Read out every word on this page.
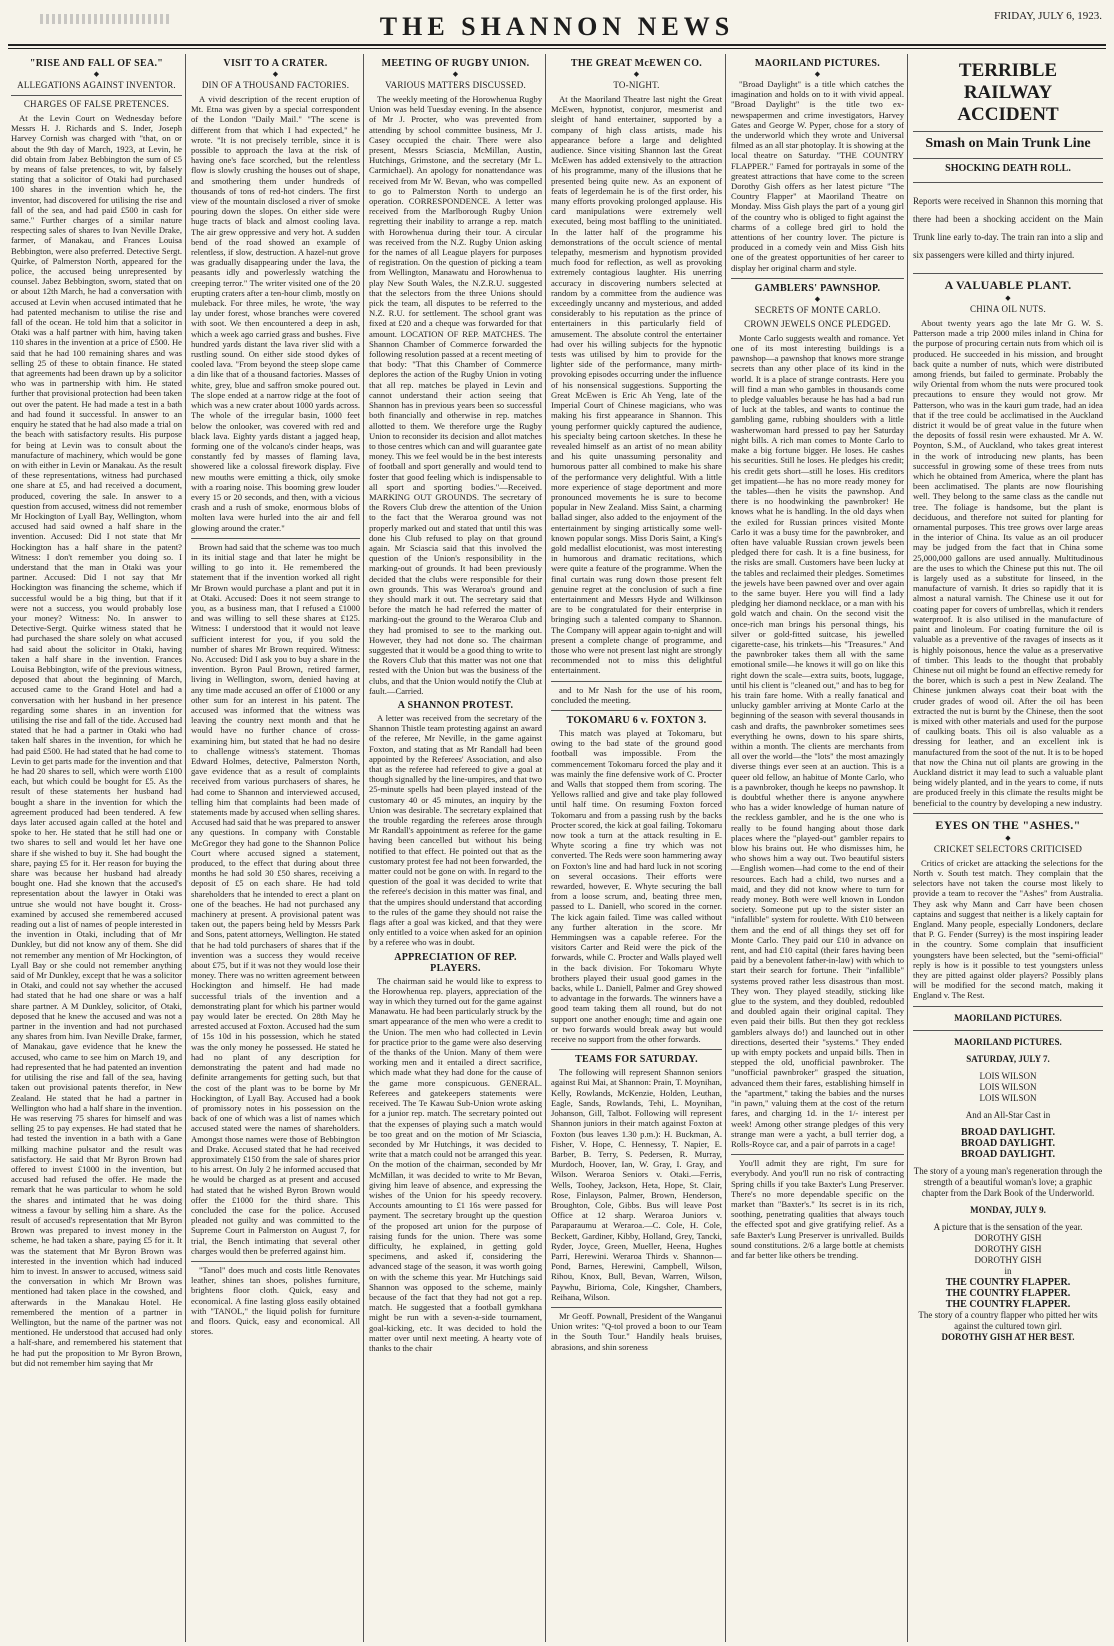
THE SHANNON NEWS	FRIDAY, JULY 6, 1923.
"RISE AND FALL OF SEA."
◆
ALLEGATIONS AGAINST INVENTOR.
CHARGES OF FALSE PRETENCES.

At the Levin Court on Wednesday before Messrs H. J. Richards and S. Inder, Joseph Harvey Cornish was charged with "that, on or about the 9th day of March, 1923, at Levin, he did obtain from Jabez Bebbington the sum of £5 by means of false pretences, to wit, by falsely stating that a solicitor of Otaki had purchased 100 shares in the invention which he, the inventor, had discovered for utilising the rise and fall of the sea, and had paid £500 in cash for same." Further charges of a similar nature respecting sales of shares to Ivan Neville Drake, farmer, of Manakau, and Frances Louisa Bebbington, were also preferred. Detective Sergt. Quirke, of Palmerston North, appeared for the police, the accused being unrepresented by counsel. Jabez Bebbington, sworn, stated that on or about 12th March, he had a conversation with accused at Levin when accused intimated that he had patented mechanism to utilise the rise and fall of the ocean. He told him that a solicitor in Otaki was a half partner with him, having taken 110 shares in the invention at a price of £500. He said that he had 100 remaining shares and was selling 25 of these to obtain finance. He stated that agreements had been drawn up by a solicitor who was in partnership with him. He stated further that provisional protection had been taken out over the patent. He had made a test in a bath and had found it successful. In answer to an enquiry he stated that he had also made a trial on the beach with satisfactory results. His purpose for being at Levin was to consult about the manufacture of machinery, which would be gone on with either in Levin or Manakau. As the result of these representations, witness had purchased one share at £5, and had received a document, produced, covering the sale. In answer to a question from accused, witness did not remember Mr Hockington of Lyall Bay, Wellington, whom accused had said owned a half share in the invention. Accused: Did I not state that Mr Hockington has a half share in the patent? Witness: I don't remember you doing so. I understand that the man in Otaki was your partner. Accused: Did I not say that Mr Hockington was financing the scheme, which if successful would be a big thing, but that if it were not a success, you would probably lose your money? Witness: No. In answer to Detective-Sergt. Quirke witness stated that he had purchased the share solely on what accused had said about the solicitor in Otaki, having taken a half share in the invention. Frances Louisa Bebbington, wife of the previous witness, deposed that about the beginning of March, accused came to the Grand Hotel and had a conversation with her husband in her presence regarding some shares in an invention for utilising the rise and fall of the tide. Accused had stated that he had a partner in Otaki who had taken half shares in the invention, for which he had paid £500. He had stated that he had come to Levin to get parts made for the invention and that he had 20 shares to sell, which were worth £100 each, but which could be bought for £5. As the result of these statements her husband had bought a share in the invention for which the agreement produced had been tendered. A few days later accused again called at the hotel and spoke to her. He stated that he still had one or two shares to sell and would let her have one share if she wished to buy it. She had bought the share, paying £5 for it. Her reason for buying the share was because her husband had already bought one. Had she known that the accused's representation about the lawyer in Otaki was untrue she would not have bought it. Cross-examined by accused she remembered accused reading out a list of names of people interested in the invention in Otaki, including that of Mr Dunkley, but did not know any of them. She did not remember any mention of Mr Hockington, of Lyall Bay or she could not remember anything said of Mr Dunkley, except that he was a solicitor in Otaki, and could not say whether the accused had stated that he had one share or was a half share partner. A M Dunkley, solicitor, of Otaki, deposed that he knew the accused and was not a partner in the invention and had not purchased any shares from him. Ivan Neville Drake, farmer, of Manakau, gave evidence that he knew the accused, who came to see him on March 19, and had represented that he had patented an invention for utilising the rise and fall of the sea, having taken out provisional patents therefor, in New Zealand. He stated that he had a partner in Wellington who had a half share in the invention. He was reserving 75 shares for himself and was selling 25 to pay expenses. He had stated that he had tested the invention in a bath with a Gane milking machine pulsator and the result was satisfactory. He said that Mr Byron Brown had offered to invest £1000 in the invention, but accused had refused the offer. He made the remark that he was particular to whom he sold the shares and intimated that he was doing witness a favour by selling him a share. As the result of accused's representation that Mr Byron Brown was prepared to invest money in the scheme, he had taken a share, paying £5 for it. It was the statement that Mr Byron Brown was interested in the invention which had induced him to invest. In answer to accused, witness said the conversation in which Mr Brown was mentioned had taken place in the cowshed, and afterwards in the Manakau Hotel. He remembered the mention of a partner in Wellington, but the name of the partner was not mentioned. He understood that accused had only a half-share, and remembered his statement that he had put the proposition to Mr Byron Brown, but did not remember him saying that Mr

VISIT TO A CRATER.
◆
DIN OF A THOUSAND FACTORIES.

A vivid description of the recent eruption of Mt. Etna was given by a special correspondent of the London "Daily Mail." "The scene is different from that which I had expected," he wrote. "It is not precisely terrible, since it is possible to approach the lava at the risk of having one's face scorched, but the relentless flow is slowly crushing the houses out of shape, and smothering them under hundreds of thousands of tons of red-hot cinders. The first view of the mountain disclosed a river of smoke pouring down the slopes. On either side were huge tracts of black and almost cooling lava. The air grew oppressive and very hot. A sudden bend of the road showed an example of relentless, if slow, destruction. A hazel-nut grove was gradually disappearing under the lava, the peasants idly and powerlessly watching the creeping terror." The writer visited one of the 20 erupting craters after a ten-hour climb, mostly on muleback. For three miles, he wrote, 'the way lay under forest, whose branches were covered with soot. We then encountered a deep in ash, which a week ago carried grass and bushes. Five hundred yards distant the lava river slid with a rustling sound. On either side stood dykes of cooled lava. "From beyond the steep slope came a din like that of a thousand factories. Masses of white, grey, blue and saffron smoke poured out. The slope ended at a narrow ridge at the foot of which was a new crater about 1000 yards across. The whole of the irregular basin, 1000 feet below the onlooker, was covered with red and black lava. Eighty yards distant a jagged heap, forming one of the volcano's cinder heaps, was constantly fed by masses of flaming lava, showered like a colossal firework display. Five new mouths were emitting a thick, oily smoke with a roaring noise. This booming grew louder every 15 or 20 seconds, and then, with a vicious crash and a rush of smoke, enormous blobs of molten lava were hurled into the air and fell glowing around the crater."

Brown had said that the scheme was too much in its initial stage and that later he might be willing to go into it. He remembered the statement that if the invention worked all right Mr Brown would purchase a plant and put it in at Otaki. Accused: Does it not seem strange to you, as a business man, that I refused a £1000 and was willing to sell these shares at £125. Witness: I understood that it would not leave sufficient interest for you, if you sold the number of shares Mr Brown required. Witness: No. Accused: Did I ask you to buy a share in the invention. Byron Paul Brown, retired farmer, living in Wellington, sworn, denied having at any time made accused an offer of £1000 or any other sum for an interest in his patent. The accused was informed that the witness was leaving the country next month and that he would have no further chance of cross-examining him, but stated that he had no desire to challenge witness's statement. Thomas Edward Holmes, detective, Palmerston North, gave evidence that as a result of complaints received from various purchasers of shares, he had come to Shannon and interviewed accused, telling him that complaints had been made of statements made by accused when selling shares. Accused had said that he was prepared to answer any questions. In company with Constable McGregor they had gone to the Shannon Police Court where accused signed a statement, produced, to the effect that during about three months he had sold 30 £50 shares, receiving a deposit of £5 on each share. He had told shareholders that he intended to erect a plant on one of the beaches. He had not purchased any machinery at present. A provisional patent was taken out, the papers being held by Messrs Park and Sons, patent attorneys, Wellington. He stated that he had told purchasers of shares that if the invention was a success they would receive about £75, but if it was not they would lose their money. There was no written agreement between Hockington and himself. He had made successful trials of the invention and a demonstrating plant for which his partner would pay would later be erected. On 28th May he arrested accused at Foxton. Accused had the sum of 15s 10d in his possession, which he stated was the only money he possessed. He stated he had no plant of any description for demonstrating the patent and had made no definite arrangements for getting such, but that the cost of the plant was to be borne by Mr Hockington, of Lyall Bay. Accused had a book of promissory notes in his possession on the back of one of which was a list of names which accused stated were the names of shareholders. Amongst those names were those of Bebbington and Drake. Accused stated that he had received approximately £150 from the sale of shares prior to his arrest. On July 2 he informed accused that he would be charged as at present and accused had stated that he wished Byron Brown would offer the £1000 for the third share. This concluded the case for the police. Accused pleaded not guilty and was committed to the Supreme Court in Palmerston on August 7, for trial, the Bench intimating that several other charges would then be preferred against him.

"Tanol" does much and costs little Renovates leather, shines tan shoes, polishes furniture, brightens floor cloth. Quick, easy and economical. A fine lasting gloss easily obtained with "TANOL," the liquid polish for furniture and floors. Quick, easy and economical. All stores.

MEETING OF RUGBY UNION.
◆
VARIOUS MATTERS DISCUSSED.

The weekly meeting of the Horowhenua Rugby Union was held Tuesday evening. In the absence of Mr J. Procter, who was prevented from attending by school committee business, Mr J. Casey occupied the chair. There were also present, Messrs Sciascia, McMillan, Austin, Hutchings, Grimstone, and the secretary (Mr L. Carmichael). An apology for nonattendance was received from Mr W. Bevan, who was compelled to go to Palmerston North to undergo an operation. CORRESPONDENCE. A letter was received from the Marlborough Rugby Union regretting their inability to arrange a rep. match with Horowhenua during their tour. A circular was received from the N.Z. Rugby Union asking for the names of all League players for purposes of registration. On the question of picking a team from Wellington, Manawatu and Horowhenua to play New South Wales, the N.Z.R.U. suggested that the selectors from the three Unions should pick the team, all disputes to be referred to the N.Z. R.U. for settlement. The school grant was fixed at £20 and a cheque was forwarded for that amount. LOCATION OF REP. MATCHES. The Shannon Chamber of Commerce forwarded the following resolution passed at a recent meeting of that body: "That this Chamber of Commerce deplores the action of the Rugby Union in voting that all rep. matches be played in Levin and cannot understand their action seeing that Shannon has in previous years been so successful both financially and otherwise in rep. matches allotted to them. We therefore urge the Rugby Union to reconsider its decision and allot matches to those centres which can and will guarantee gate money. This we feel would be in the best interests of football and sport generally and would tend to foster that good feeling which is indispensable to all sport and sporting bodies."—Received. MARKING OUT GROUNDS. The secretary of the Rovers Club drew the attention of the Union to the fact that the Weraroa ground was not properly marked out and stated that until this was done his Club refused to play on that ground again. Mr Sciascia said that this involved the question of the Union's responsibility in the marking-out of grounds. It had been previously decided that the clubs were responsible for their own grounds. This was Weraroa's ground and they should mark it out. The secretary said that before the match he had referred the matter of marking-out the ground to the Weraroa Club and they had promised to see to the marking out. However, they had not done so. The chairman suggested that it would be a good thing to write to the Rovers Club that this matter was not one that rested with the Union but was the business of the clubs, and that the Union would notify the Club at fault.—Carried.

A SHANNON PROTEST.

A letter was received from the secretary of the Shannon Thistle team protesting against an award of the referee, Mr Neville, in the game against Foxton, and stating that as Mr Randall had been appointed by the Referees' Association, and also that as the referee had refereed to give a goal at though signalled by the line-umpires, and that two 25-minute spells had been played instead of the customary 40 or 45 minutes, an inquiry by the Union was desirable. The secretary explained that the trouble regarding the referees arose through Mr Randall's appointment as referee for the game having been cancelled but without his being notified to that effect. He pointed out that as the customary protest fee had not been forwarded, the matter could not be gone on with. In regard to the question of the goal it was decided to write that the referee's decision in this matter was final, and that the umpires should understand that according to the rules of the game they should not raise the flags after a goal was kicked, and that they were only entitled to a voice when asked for an opinion by a referee who was in doubt.

APPRECIATION OF REP. PLAYERS.

The chairman said he would like to express to the Horowhenua rep. players, appreciation of the way in which they turned out for the game against Manawatu. He had been particularly struck by the smart appearance of the men who were a credit to the Union. The men who had collected in Levin for practice prior to the game were also deserving of the thanks of the Union. Many of them were working men and it entailed a direct sacrifice, which made what they had done for the cause of the game more conspicuous. GENERAL. Referees and gatekeepers statements were received. The Te Kawau Sub-Union wrote asking for a junior rep. match. The secretary pointed out that the expenses of playing such a match would be too great and on the motion of Mr Sciascia, seconded by Mr Hutchings, it was decided to write that a match could not be arranged this year. On the motion of the chairman, seconded by Mr McMillan, it was decided to write to Mr Bevan, giving him leave of absence, and expressing the wishes of the Union for his speedy recovery. Accounts amounting to £1 16s were passed for payment. The secretary brought up the question of the proposed art union for the purpose of raising funds for the union. There was some difficulty, he explained, in getting gold specimens, and asked if, considering the advanced stage of the season, it was worth going on with the scheme this year. Mr Hutchings said Shannon was opposed to the scheme, mainly because of the fact that they had not got a rep. match. He suggested that a football gymkhana might be run with a seven-a-side tournament, goal-kicking, etc. It was decided to hold the matter over until next meeting. A hearty vote of thanks to the chair

THE GREAT McEWEN CO.
◆
TO-NIGHT.

At the Maoriland Theatre last night the Great McEwen, hypnotist, conjuror, mesmerist and sleight of hand entertainer, supported by a company of high class artists, made his appearance before a large and delighted audience. Since visiting Shannon last the Great McEwen has added extensively to the attraction of his programme, many of the illusions that he presented being quite new. As an exponent of feats of legerdemain he is of the first order, his many efforts provoking prolonged applause. His card manipulations were extremely well executed, being most baffling to the uninitiated. In the latter half of the programme his demonstrations of the occult science of mental telepathy, mesmerism and hypnotism provided much food for reflection, as well as provoking extremely contagious laughter. His unerring accuracy in discovering numbers selected at random by a committee from the audience was exceedingly uncanny and mysterious, and added considerably to his reputation as the prince of entertainers in this particularly field of amusement. The absolute control the entertainer had over his willing subjects for the hypnotic tests was utilised by him to provide for the lighter side of the performance, many mirth-provoking episodes occurring under the influence of his nonsensical suggestions. Supporting the Great McEwen is Eric Ah Yeng, late of the Imperial Court of Chinese magicians, who was making his first appearance in Shannon. This young performer quickly captured the audience, his specialty being cartoon sketches. In these he revealed himself as an artist of no mean ability and his quite unassuming personality and humorous patter all combined to make his share of the performance very delightful. With a little more experience of stage deportment and more pronounced movements he is sure to become popular in New Zealand. Miss Saint, a charming ballad singer, also added to the enjoyment of the entertainment by singing artistically some well-known popular songs. Miss Doris Saint, a King's gold medallist elocutionist, was most interesting in humorous and dramatic recitations, which were quite a feature of the programme. When the final curtain was rung down those present felt genuine regret at the conclusion of such a fine entertainment and Messrs Hyde and Wilkinson are to be congratulated for their enterprise in bringing such a talented company to Shannon. The Company will appear again to-night and will present a complete change of programme, and those who were not present last night are strongly recommended not to miss this delightful entertainment.

and to Mr Nash for the use of his room, concluded the meeting.

TOKOMARU 6 v. FOXTON 3.

This match was played at Tokomaru, but owing to the bad state of the ground good football was impossible. From the commencement Tokomaru forced the play and it was mainly the fine defensive work of C. Procter and Walls that stopped them from scoring. The Yellows rallied and give and take play followed until half time. On resuming Foxton forced Tokomaru and from a passing rush by the backs Procter scored, the kick at goal failing. Tokomaru now took a turn at the attack resulting in E. Whyte scoring a fine try which was not converted. The Reds were soon hammering away on Foxton's line and had hard luck in not scoring on several occasions. Their efforts were rewarded, however, E. Whyte securing the ball from a loose scrum, and, beating three men, passed to L. Daniell, who scored in the corner. The kick again failed. Time was called without any further alteration in the score. Mr Hemmingsen was a capable referee. For the visitors Carter and Reid were the pick of the forwards, while C. Procter and Walls played well in the back division. For Tokomaru Whyte brothers played their usual good games in the backs, while L. Daniell, Palmer and Grey showed to advantage in the forwards. The winners have a good team taking them all round, but do not support one another enough; time and again one or two forwards would break away but would receive no support from the other forwards.

TEAMS FOR SATURDAY.

The following will represent Shannon seniors against Rui Mai, at Shannon: Prain, T. Moynihan, Kelly, Rowlands, McKenzie, Holden, Leuthan, Eagle, Sands, Rowlands, Tehi, L. Moynihan, Johanson, Gill, Talbot. Following will represent Shannon juniors in their match against Foxton at Foxton (bus leaves 1.30 p.m.): H. Buckman, A. Fisher, V. Hope, C. Hennessy, T. Napier, E. Barber, B. Terry, S. Pedersen, R. Murray, Murdoch, Hoover, Ian, W. Gray, I. Gray, and Wilson. Weraroa Seniors v. Otaki.—Ferris, Wells, Toohey, Jackson, Heta, Hope, St. Clair, Rose, Finlayson, Palmer, Brown, Henderson, Broughton, Cole, Gibbs. Bus will leave Post Office at 12 sharp. Weraroa Juniors v. Paraparaumu at Weraroa.—C. Cole, H. Cole, Beckett, Gardiner, Kibby, Holland, Grey, Tancki, Ryder, Joyce, Green, Mueller, Heena, Hughes Parri, Herewini. Weraroa Thirds v. Shannon—Pond, Barnes, Herewini, Campbell, Wilson, Rihou, Knox, Bull, Bevan, Warren, Wilson, Paywhu, Birioma, Cole, Kingsher, Chambers, Reihana, Wilson.

Mr Geoff. Pownall, President of the Wanganui Union writes: "Q-tol proved a boon to our Team in the South Tour." Handily heals bruises, abrasions, and shin soreness

MAORILAND PICTURES.
◆

"Broad Daylight" is a title which catches the imagination and holds on to it with vivid appeal. "Broad Daylight" is the title two ex-newspapermen and crime investigators, Harvey Gates and George W. Pyper, chose for a story of the underworld which they wrote and Universal filmed as an all star photoplay. It is showing at the local theatre on Saturday. "THE COUNTRY FLAPPER." Famed for portrayals in some of the greatest attractions that have come to the screen Dorothy Gish offers as her latest picture "The Country Flapper" at Maoriland Theatre on Monday. Miss Gish plays the part of a young girl of the country who is obliged to fight against the charms of a college bred girl to hold the attentions of her country lover. The picture is produced in a comedy vein and Miss Gish hits one of the greatest opportunities of her career to display her original charm and style.

GAMBLERS' PAWNSHOP.
◆
SECRETS OF MONTE CARLO.
CROWN JEWELS ONCE PLEDGED.

Monte Carlo suggests wealth and romance. Yet one of its most interesting buildings is a pawnshop—a pawnshop that knows more strange secrets than any other place of its kind in the world. It is a place of strange contrasts. Here you will find a man who gambles in thousands come to pledge valuables because he has had a bad run of luck at the tables, and wants to continue the gambling game, rubbing shoulders with a little washerwoman hard pressed to pay her Saturday night bills. A rich man comes to Monte Carlo to make a big fortune bigger. He loses. He cashes his securities. Still he loses. He pledges his credit; his credit gets short—still he loses. His creditors get impatient—he has no more ready money for the tables—then he visits the pawnshop. And there is no hoodwinking the pawnbroker! He knows what he is handling. In the old days when the exiled for Russian princes visited Monte Carlo it was a busy time for the pawnbroker, and often have valuable Russian crown jewels been pledged there for cash. It is a fine business, for the risks are small. Customers have been lucky at the tables and reclaimed their pledges. Sometimes the jewels have been pawned over and over again to the same buyer. Here you will find a lady pledging her diamond necklace, or a man with his gold watch and chain. On the second visit the once-rich man brings his personal things, his silver or gold-fitted suitcase, his jewelled cigarette-case, his trinkets—his "Treasures." And the pawnbroker takes them all with the same emotional smile—he knows it will go on like this right down the scale—extra suits, boots, luggage, until his client is "cleaned out," and has to beg for his train fare home. With a really fanatical and unlucky gambler arriving at Monte Carlo at the beginning of the season with several thousands in cash and drafts, the pawnbroker sometimes sees everything he owns, down to his spare shirts, within a month. The clients are merchants from all over the world—the "lots" the most amazingly diverse things ever seen at an auction. This is a queer old fellow, an habitue of Monte Carlo, who is a pawnbroker, though he keeps no pawnshop. It is doubtful whether there is anyone anywhere who has a wider knowledge of human nature of the reckless gambler, and he is the one who is really to be found hanging about those dark places where the "played-out" gambler repairs to blow his brains out. He who dismisses him, he who shows him a way out. Two beautiful sisters—English women—had come to the end of their resources. Each had a child, two nurses and a maid, and they did not know where to turn for ready money. Both were well known in London society. Someone put up to the sister sister an "infallible" system for roulette. With £10 between them and the end of all things they set off for Monte Carlo. They paid our £10 in advance on rent, and had £10 capital (their fares having been paid by a benevolent father-in-law) with which to start their search for fortune. Their "infallible" systems proved rather less disastrous than most. They won. They played steadily, sticking like glue to the system, and they doubled, redoubled and doubled again their original capital. They even paid their bills. But then they got reckless gamblers always do!) and launched out in other directions, deserted their "systems." They ended up with empty pockets and unpaid bills. Then in stepped the old, unofficial pawnbroker. The "unofficial pawnbroker" grasped the situation, advanced them their fares, establishing himself in the "apartment," taking the babies and the nurses "in pawn," valuing them at the cost of the return fares, and charging 1d. in the 1/- interest per week! Among other strange pledges of this very strange man were a yacht, a bull terrier dog, a Rolls-Royce car, and a pair of parrots in a cage!

You'll admit they are right, I'm sure for everybody. And you'll run no risk of contracting Spring chills if you take Baxter's Lung Preserver. There's no more dependable specific on the market than "Baxter's." Its secret is in its rich, soothing, penetrating qualities that always touch the effected spot and give gratifying relief. As a safe Baxter's Lung Preserver is unrivalled. Builds sound constitutions. 2/6 a large bottle at chemists and far better like others be trending.

TERRIBLE RAILWAY ACCIDENT
Smash on Main Trunk Line
SHOCKING DEATH ROLL.

Reports were received in Shannon this morning that there had been a shocking accident on the Main Trunk line early to-day. The train ran into a slip and six passengers were killed and thirty injured.

A VALUABLE PLANT.
◆
CHINA OIL NUTS.

About twenty years ago the late Mr G. W. S. Patterson made a trip 2000 miles inland in China for the purpose of procuring certain nuts from which oil is produced. He succeeded in his mission, and brought back quite a number of nuts, which were distributed among friends, but failed to germinate. Probably the wily Oriental from whom the nuts were procured took precautions to ensure they would not grow. Mr Patterson, who was in the kauri gum trade, had an idea that if the tree could be acclimatised in the Auckland district it would be of great value in the future when the deposits of fossil resin were exhausted. Mr A. W. Poynton, S.M., of Auckland, who takes great interest in the work of introducing new plants, has been successful in growing some of these trees from nuts which he obtained from America, where the plant has been acclimatised. The plants are now flourishing well. They belong to the same class as the candle nut tree. The foliage is handsome, but the plant is deciduous, and therefore not suited for planting for ornamental purposes. This tree grows over large areas in the interior of China. Its value as an oil producer may be judged from the fact that in China some 25,000,000 gallons are used annually. Multitudinous are the uses to which the Chinese put this nut. The oil is largely used as a substitute for linseed, in the manufacture of varnish. It dries so rapidly that it is almost a natural varnish. The Chinese use it out for coating paper for covers of umbrellas, which it renders waterproof. It is also utilised in the manufacture of paint and linoleum. For coating furniture the oil is valuable as a preventive of the ravages of insects as it is highly poisonous, hence the value as a preservative of timber. This leads to the thought that probably Chinese nut oil might be found an effective remedy for the borer, which is such a pest in New Zealand. The Chinese junkmen always coat their boat with the cruder grades of wood oil. After the oil has been extracted the nut is burnt by the Chinese, then the soot is mixed with other materials and used for the purpose of caulking boats. This oil is also valuable as a dressing for leather, and an excellent ink is manufactured from the soot of the nut. It is to be hoped that now the China nut oil plants are growing in the Auckland district it may lead to such a valuable plant being widely planted, and in the years to come, if nuts are produced freely in this climate the results might be beneficial to the country by developing a new industry.

EYES ON THE "ASHES."
◆
CRICKET SELECTORS CRITICISED

Critics of cricket are attacking the selections for the North v. South test match. They complain that the selectors have not taken the course most likely to provide a team to recover the "Ashes" from Australia. They ask why Mann and Carr have been chosen captains and suggest that neither is a likely captain for England. Many people, especially Londoners, declare that P. G. Fender (Surrey) is the most inspiring leader in the country. Some complain that insufficient youngsters have been selected, but the "semi-official" reply is how is it possible to test youngsters unless they are pitted against older players? Possibly plans will be modified for the second match, making it England v. The Rest.

MAORILAND PICTURES.
MAORILAND PICTURES.
SATURDAY, JULY 7.
LOIS WILSON
LOIS WILSON
LOIS WILSON
And an All-Star Cast in
BROAD DAYLIGHT.
BROAD DAYLIGHT.
BROAD DAYLIGHT.
The story of a young man's regeneration through the strength of a beautiful woman's love; a graphic chapter from the Dark Book of the Underworld.
MONDAY, JULY 9.
A picture that is the sensation of the year.
DOROTHY GISH
DOROTHY GISH
DOROTHY GISH
in
THE COUNTRY FLAPPER.
THE COUNTRY FLAPPER.
THE COUNTRY FLAPPER.
The story of a country flapper who pitted her wits against the cultured town girl.
DOROTHY GISH AT HER BEST.
